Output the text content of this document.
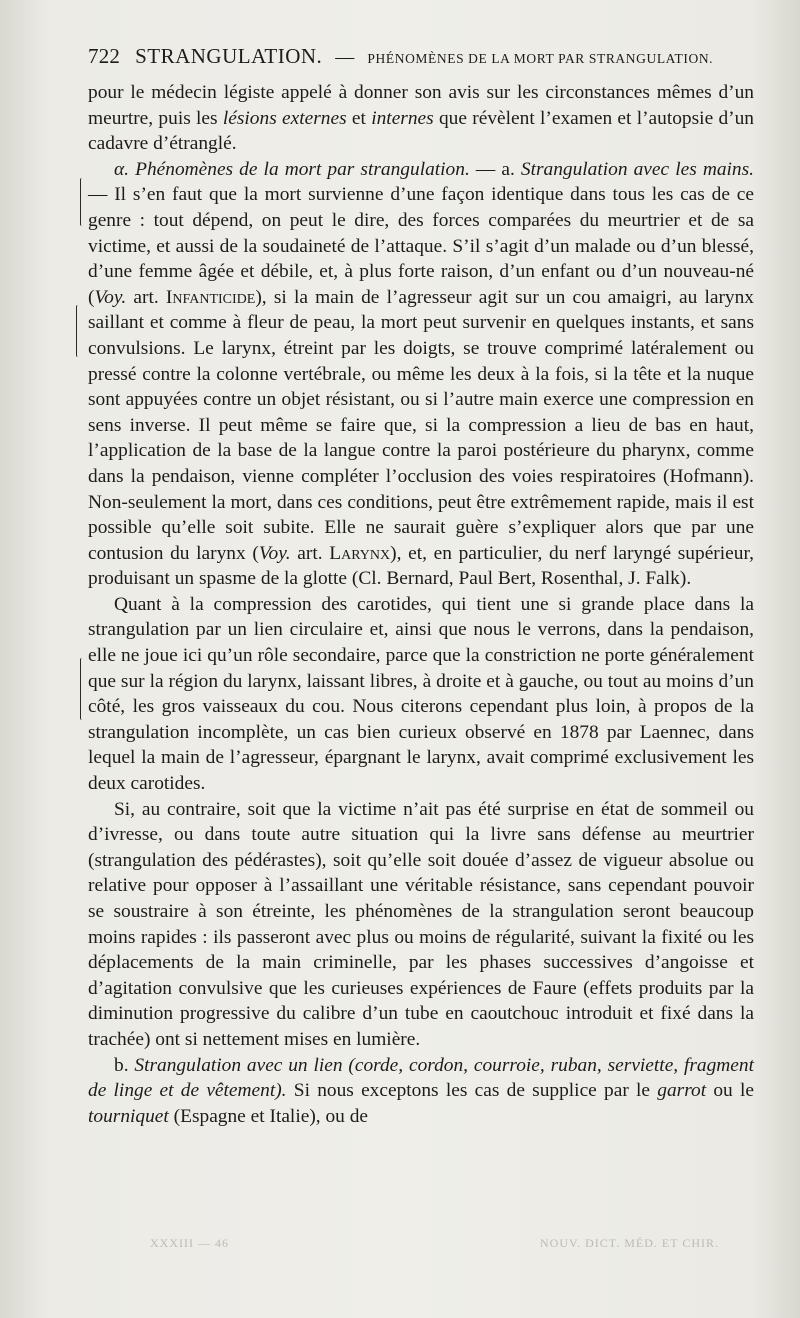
722 STRANGULATION. — PHÉNOMÈNES DE LA MORT PAR STRANGULATION.

pour le médecin légiste appelé à donner son avis sur les circonstances mêmes d’un meurtre, puis les lésions externes et internes que révèlent l’examen et l’autopsie d’un cadavre d’étranglé.

α. Phénomènes de la mort par strangulation. — a. Strangulation avec les mains. — Il s’en faut que la mort survienne d’une façon identique dans tous les cas de ce genre : tout dépend, on peut le dire, des forces comparées du meurtrier et de sa victime, et aussi de la soudaineté de l’attaque. S’il s’agit d’un malade ou d’un blessé, d’une femme âgée et débile, et, à plus forte raison, d’un enfant ou d’un nouveau-né (Voy. art. Infanticide), si la main de l’agresseur agit sur un cou amaigri, au larynx saillant et comme à fleur de peau, la mort peut survenir en quelques instants, et sans convulsions. Le larynx, étreint par les doigts, se trouve comprimé latéralement ou pressé contre la colonne vertébrale, ou même les deux à la fois, si la tête et la nuque sont appuyées contre un objet résistant, ou si l’autre main exerce une compression en sens inverse. Il peut même se faire que, si la compression a lieu de bas en haut, l’application de la base de la langue contre la paroi postérieure du pharynx, comme dans la pendaison, vienne compléter l’occlusion des voies respiratoires (Hofmann). Non-seulement la mort, dans ces conditions, peut être extrêmement rapide, mais il est possible qu’elle soit subite. Elle ne saurait guère s’expliquer alors que par une contusion du larynx (Voy. art. Larynx), et, en particulier, du nerf laryngé supérieur, produisant un spasme de la glotte (Cl. Bernard, Paul Bert, Rosenthal, J. Falk).

Quant à la compression des carotides, qui tient une si grande place dans la strangulation par un lien circulaire et, ainsi que nous le verrons, dans la pendaison, elle ne joue ici qu’un rôle secondaire, parce que la constriction ne porte généralement que sur la région du larynx, laissant libres, à droite et à gauche, ou tout au moins d’un côté, les gros vaisseaux du cou. Nous citerons cependant plus loin, à propos de la strangulation incomplète, un cas bien curieux observé en 1878 par Laennec, dans lequel la main de l’agresseur, épargnant le larynx, avait comprimé exclusivement les deux carotides.

Si, au contraire, soit que la victime n’ait pas été surprise en état de sommeil ou d’ivresse, ou dans toute autre situation qui la livre sans défense au meurtrier (strangulation des pédérastes), soit qu’elle soit douée d’assez de vigueur absolue ou relative pour opposer à l’assaillant une véritable résistance, sans cependant pouvoir se soustraire à son étreinte, les phénomènes de la strangulation seront beaucoup moins rapides : ils passeront avec plus ou moins de régularité, suivant la fixité ou les déplacements de la main criminelle, par les phases successives d’angoisse et d’agitation convulsive que les curieuses expériences de Faure (effets produits par la diminution progressive du calibre d’un tube en caoutchouc introduit et fixé dans la trachée) ont si nettement mises en lumière.

b. Strangulation avec un lien (corde, cordon, courroie, ruban, serviette, fragment de linge et de vêtement). Si nous exceptons les cas de supplice par le garrot ou le tourniquet (Espagne et Italie), ou de

XXXIII — 46	NOUV. DICT. MÉD. ET CHIR.
